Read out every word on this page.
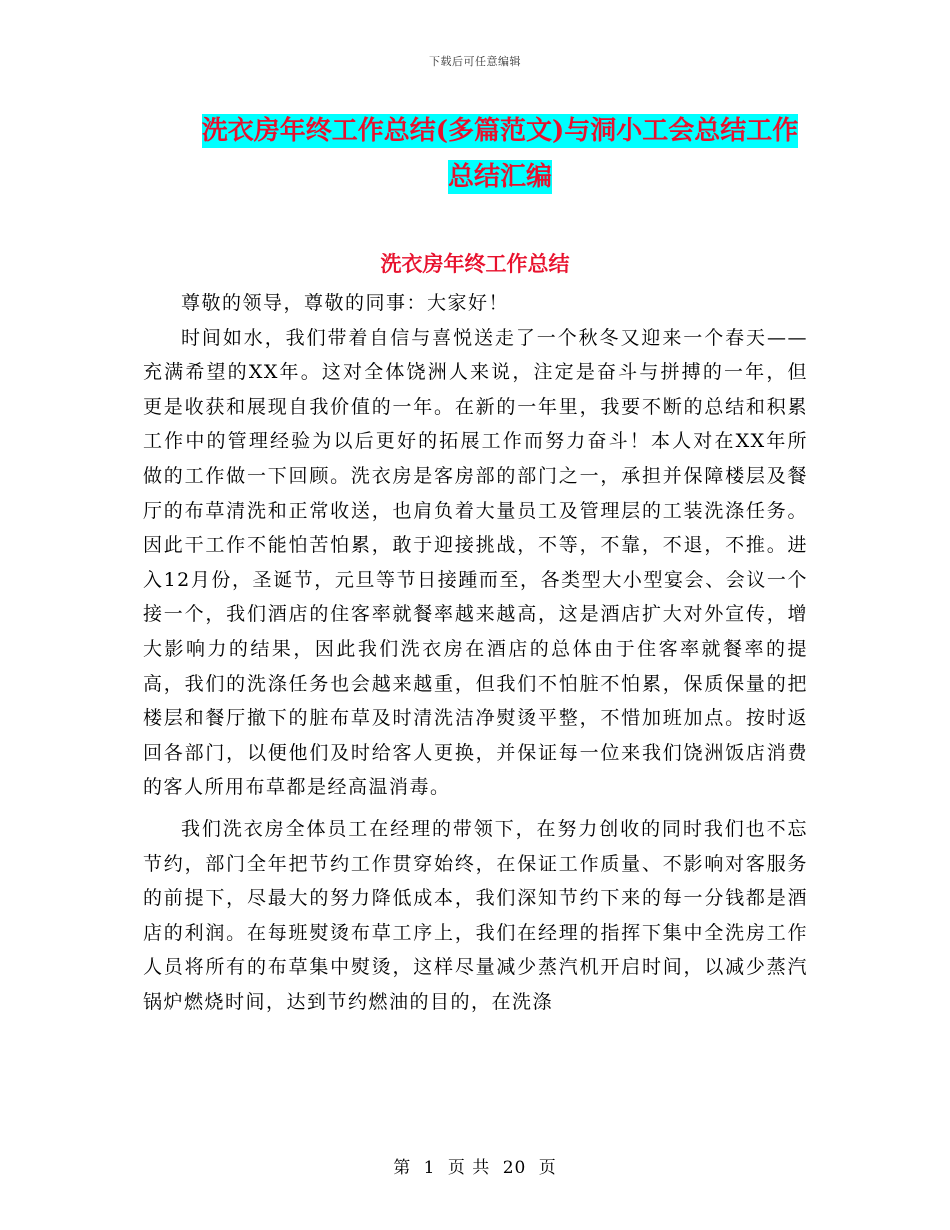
下载后可任意编辑
洗衣房年终工作总结(多篇范文)与洞小工会总结工作
总结汇编
洗衣房年终工作总结

尊敬的领导，尊敬的同事：大家好！

时间如水，我们带着自信与喜悦送走了一个秋冬又迎来一个春天——充满希望的XX年。这对全体饶洲人来说，注定是奋斗与拼搏的一年，但更是收获和展现自我价值的一年。在新的一年里，我要不断的总结和积累工作中的管理经验为以后更好的拓展工作而努力奋斗！本人对在XX年所做的工作做一下回顾。洗衣房是客房部的部门之一，承担并保障楼层及餐厅的布草清洗和正常收送，也肩负着大量员工及管理层的工装洗涤任务。因此干工作不能怕苦怕累，敢于迎接挑战，不等，不靠，不退，不推。进入12月份，圣诞节，元旦等节日接踵而至，各类型大小型宴会、会议一个接一个，我们酒店的住客率就餐率越来越高，这是酒店扩大对外宣传，增大影响力的结果，因此我们洗衣房在酒店的总体由于住客率就餐率的提高，我们的洗涤任务也会越来越重，但我们不怕脏不怕累，保质保量的把楼层和餐厅撤下的脏布草及时清洗洁净熨烫平整，不惜加班加点。按时返回各部门，以便他们及时给客人更换，并保证每一位来我们饶洲饭店消费的客人所用布草都是经高温消毒。

我们洗衣房全体员工在经理的带领下，在努力创收的同时我们也不忘节约，部门全年把节约工作贯穿始终，在保证工作质量、不影响对客服务的前提下，尽最大的努力降低成本，我们深知节约下来的每一分钱都是酒店的利润。在每班熨烫布草工序上，我们在经理的指挥下集中全洗房工作人员将所有的布草集中熨烫，这样尽量减少蒸汽机开启时间，以减少蒸汽锅炉燃烧时间，达到节约燃油的目的，在洗涤

第 1 页 共 20 页
